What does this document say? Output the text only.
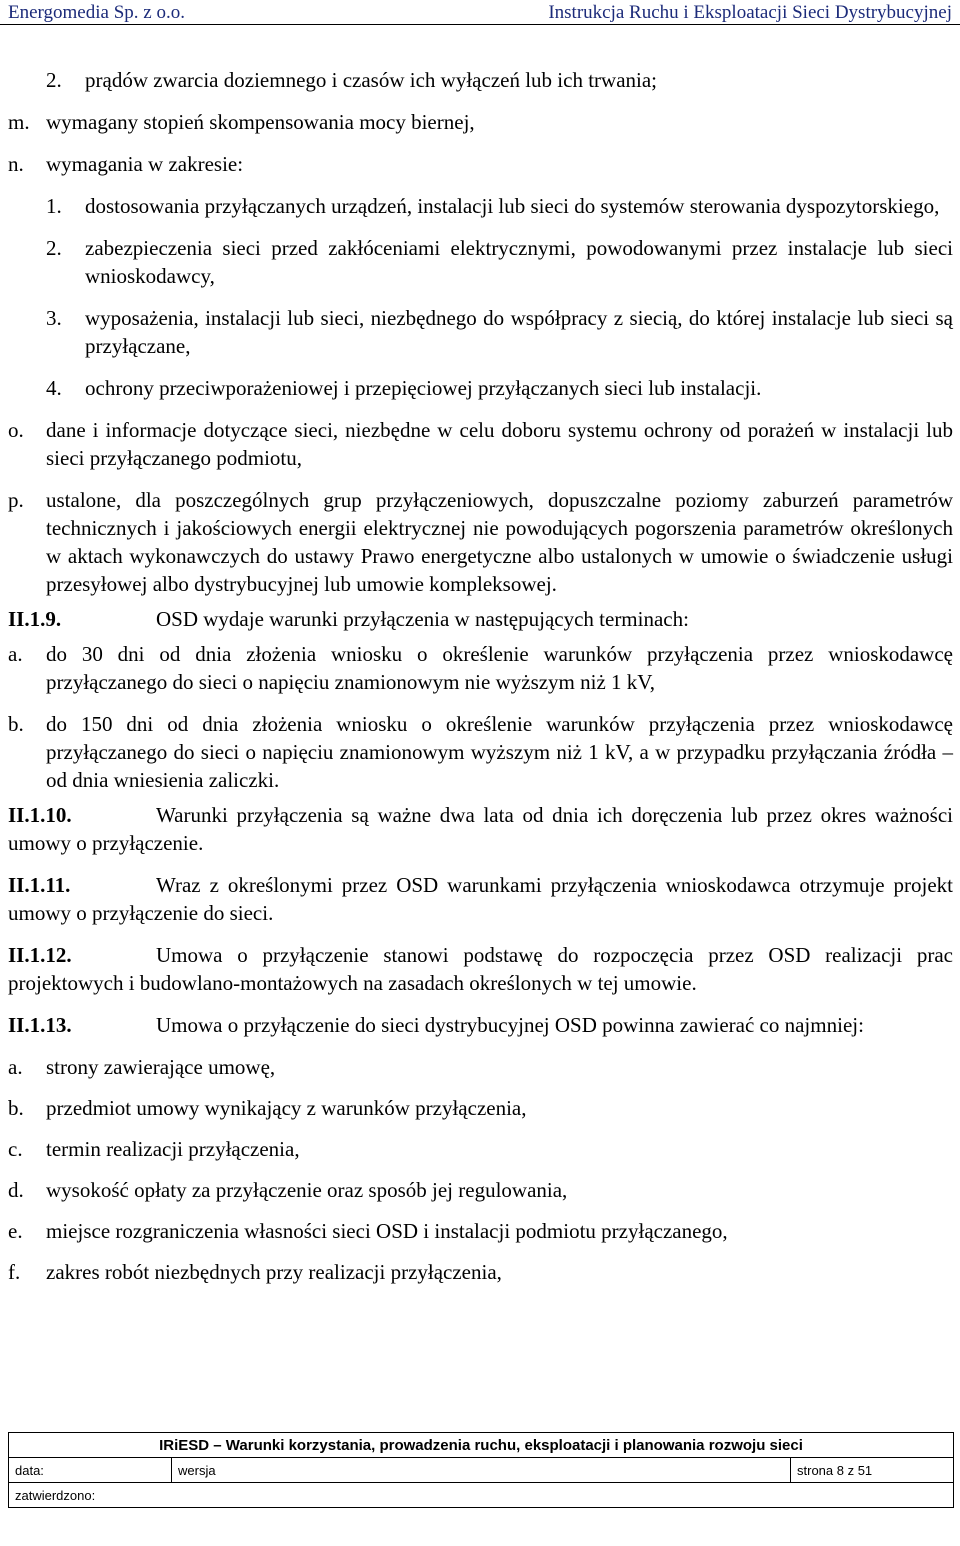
Energomedia Sp. z o.o.	Instrukcja Ruchu i Eksploatacji Sieci Dystrybucyjnej
2. prądów zwarcia doziemnego i czasów ich wyłączeń lub ich trwania;
m. wymagany stopień skompensowania mocy biernej,
n. wymagania w zakresie:
1. dostosowania przyłączanych urządzeń, instalacji lub sieci do systemów sterowania dyspozytorskiego,
2. zabezpieczenia sieci przed zakłóceniami elektrycznymi, powodowanymi przez instalacje lub sieci wnioskodawcy,
3. wyposażenia, instalacji lub sieci, niezbędnego do współpracy z siecią, do której instalacje lub sieci są przyłączane,
4. ochrony przeciwporażeniowej i przepięciowej przyłączanych sieci lub instalacji.
o. dane i informacje dotyczące sieci, niezbędne w celu doboru systemu ochrony od porażeń w instalacji lub sieci przyłączanego podmiotu,
p. ustalone, dla poszczególnych grup przyłączeniowych, dopuszczalne poziomy zaburzeń parametrów technicznych i jakościowych energii elektrycznej nie powodujących pogorszenia parametrów określonych w aktach wykonawczych do ustawy Prawo energetyczne albo ustalonych w umowie o świadczenie usługi przesyłowej albo dystrybucyjnej lub umowie kompleksowej.
II.1.9.	OSD wydaje warunki przyłączenia w następujących terminach:
a. do 30 dni od dnia złożenia wniosku o określenie warunków przyłączenia przez wnioskodawcę przyłączanego do sieci o napięciu znamionowym nie wyższym niż 1 kV,
b. do 150 dni od dnia złożenia wniosku o określenie warunków przyłączenia przez wnioskodawcę przyłączanego do sieci o napięciu znamionowym wyższym niż 1 kV, a w przypadku przyłączania źródła – od dnia wniesienia zaliczki.
II.1.10.	Warunki przyłączenia są ważne dwa lata od dnia ich doręczenia lub przez okres ważności umowy o przyłączenie.
II.1.11.	Wraz z określonymi przez OSD warunkami przyłączenia wnioskodawca otrzymuje projekt umowy o przyłączenie do sieci.
II.1.12.	Umowa o przyłączenie stanowi podstawę do rozpoczęcia przez OSD realizacji prac projektowych i budowlano-montażowych na zasadach określonych w tej umowie.
II.1.13.	Umowa o przyłączenie do sieci dystrybucyjnej OSD powinna zawierać co najmniej:
a. strony zawierające umowę,
b. przedmiot umowy wynikający z warunków przyłączenia,
c. termin realizacji przyłączenia,
d. wysokość opłaty za przyłączenie oraz sposób jej regulowania,
e. miejsce rozgraniczenia własności sieci OSD i instalacji podmiotu przyłączanego,
f. zakres robót niezbędnych przy realizacji przyłączenia,
IRiESD – Warunki korzystania, prowadzenia ruchu, eksploatacji i planowania rozwoju sieci
data:	wersja	strona 8 z 51
zatwierdzono:
